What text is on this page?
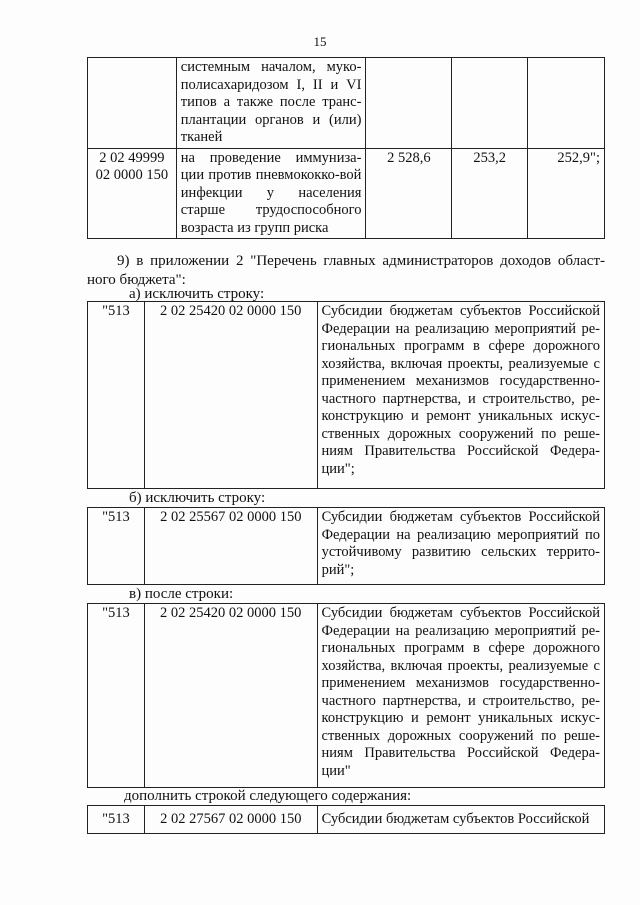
15
	системным началом, муко-полисахаридозом I, II и VI типов а также после транс-плантации органов и (или) тканей			
2 02 49999 02 0000 150	на проведение иммуниза-ции против пневмококко-вой инфекции у населения старше трудоспособного возраста из групп риска	2 528,6	253,2	252,9";
9) в приложении 2 "Перечень главных администраторов доходов област-ного бюджета":
а) исключить строку:
"513	2 02 25420 02 0000 150	Субсидии бюджетам субъектов Российской Федерации на реализацию мероприятий ре-гиональных программ в сфере дорожного хозяйства, включая проекты, реализуемые с применением механизмов государственно-частного партнерства, и строительство, ре-конструкцию и ремонт уникальных искус-ственных дорожных сооружений по реше-ниям Правительства Российской Федера-ции";
б) исключить строку:
"513	2 02 25567 02 0000 150	Субсидии бюджетам субъектов Российской Федерации на реализацию мероприятий по устойчивому развитию сельских террито-рий";
в) после строки:
"513	2 02 25420 02 0000 150	Субсидии бюджетам субъектов Российской Федерации на реализацию мероприятий ре-гиональных программ в сфере дорожного хозяйства, включая проекты, реализуемые с применением механизмов государственно-частного партнерства, и строительство, ре-конструкцию и ремонт уникальных искус-ственных дорожных сооружений по реше-ниям Правительства Российской Федера-ции"
дополнить строкой следующего содержания:
"513	2 02 27567 02 0000 150	Субсидии бюджетам субъектов Российской
